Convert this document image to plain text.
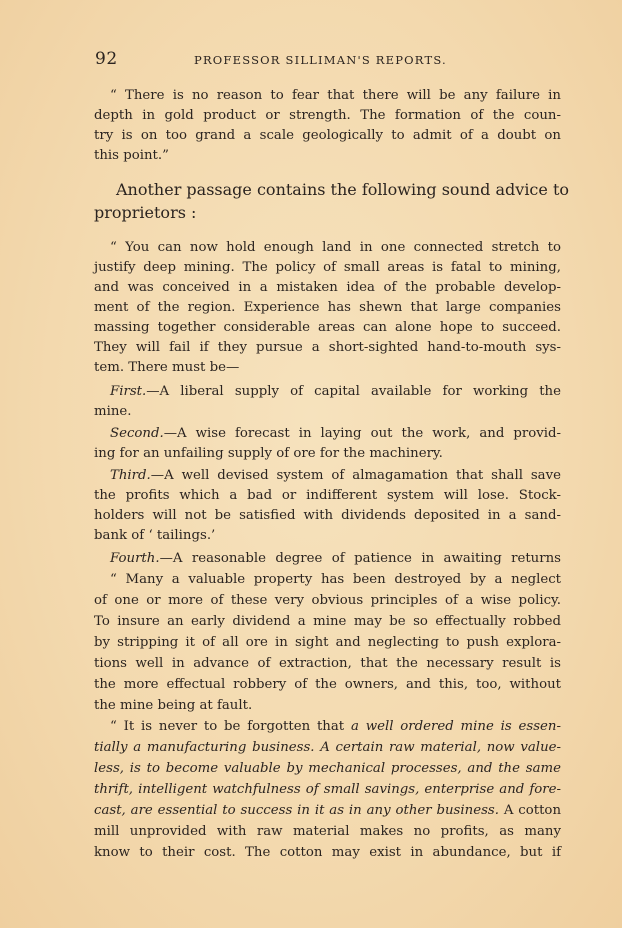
92	PROFESSOR SILLIMAN'S REPORTS.
“ There is no reason to fear that there will be any failure in
depth in gold product or strength. The formation of the coun-
try is on too grand a scale geologically to admit of a doubt on
this point.”
Another passage contains the following sound advice to
proprietors :
“ You can now hold enough land in one connected stretch to
justify deep mining. The policy of small areas is fatal to mining,
and was conceived in a mistaken idea of the probable develop-
ment of the region. Experience has shewn that large companies
massing together considerable areas can alone hope to succeed.
They will fail if they pursue a short-sighted hand-to-mouth sys-
tem. There must be—
First.—A liberal supply of capital available for working the
mine.
Second.—A wise forecast in laying out the work, and provid-
ing for an unfailing supply of ore for the machinery.
Third.—A well devised system of almagamation that shall save
the profits which a bad or indifferent system will lose. Stock-
holders will not be satisfied with dividends deposited in a sand-
bank of ‘ tailings.’
Fourth.—A reasonable degree of patience in awaiting returns
“ Many a valuable property has been destroyed by a neglect
of one or more of these very obvious principles of a wise policy.
To insure an early dividend a mine may be so effectually robbed
by stripping it of all ore in sight and neglecting to push explora-
tions well in advance of extraction, that the necessary result is
the more effectual robbery of the owners, and this, too, without
the mine being at fault.
“ It is never to be forgotten that a well ordered mine is essen-
tially a manufacturing business. A certain raw material, now value-
less, is to become valuable by mechanical processes, and the same
thrift, intelligent watchfulness of small savings, enterprise and fore-
cast, are essential to success in it as in any other business. A cotton
mill unprovided with raw material makes no profits, as many
know to their cost. The cotton may exist in abundance, but if
